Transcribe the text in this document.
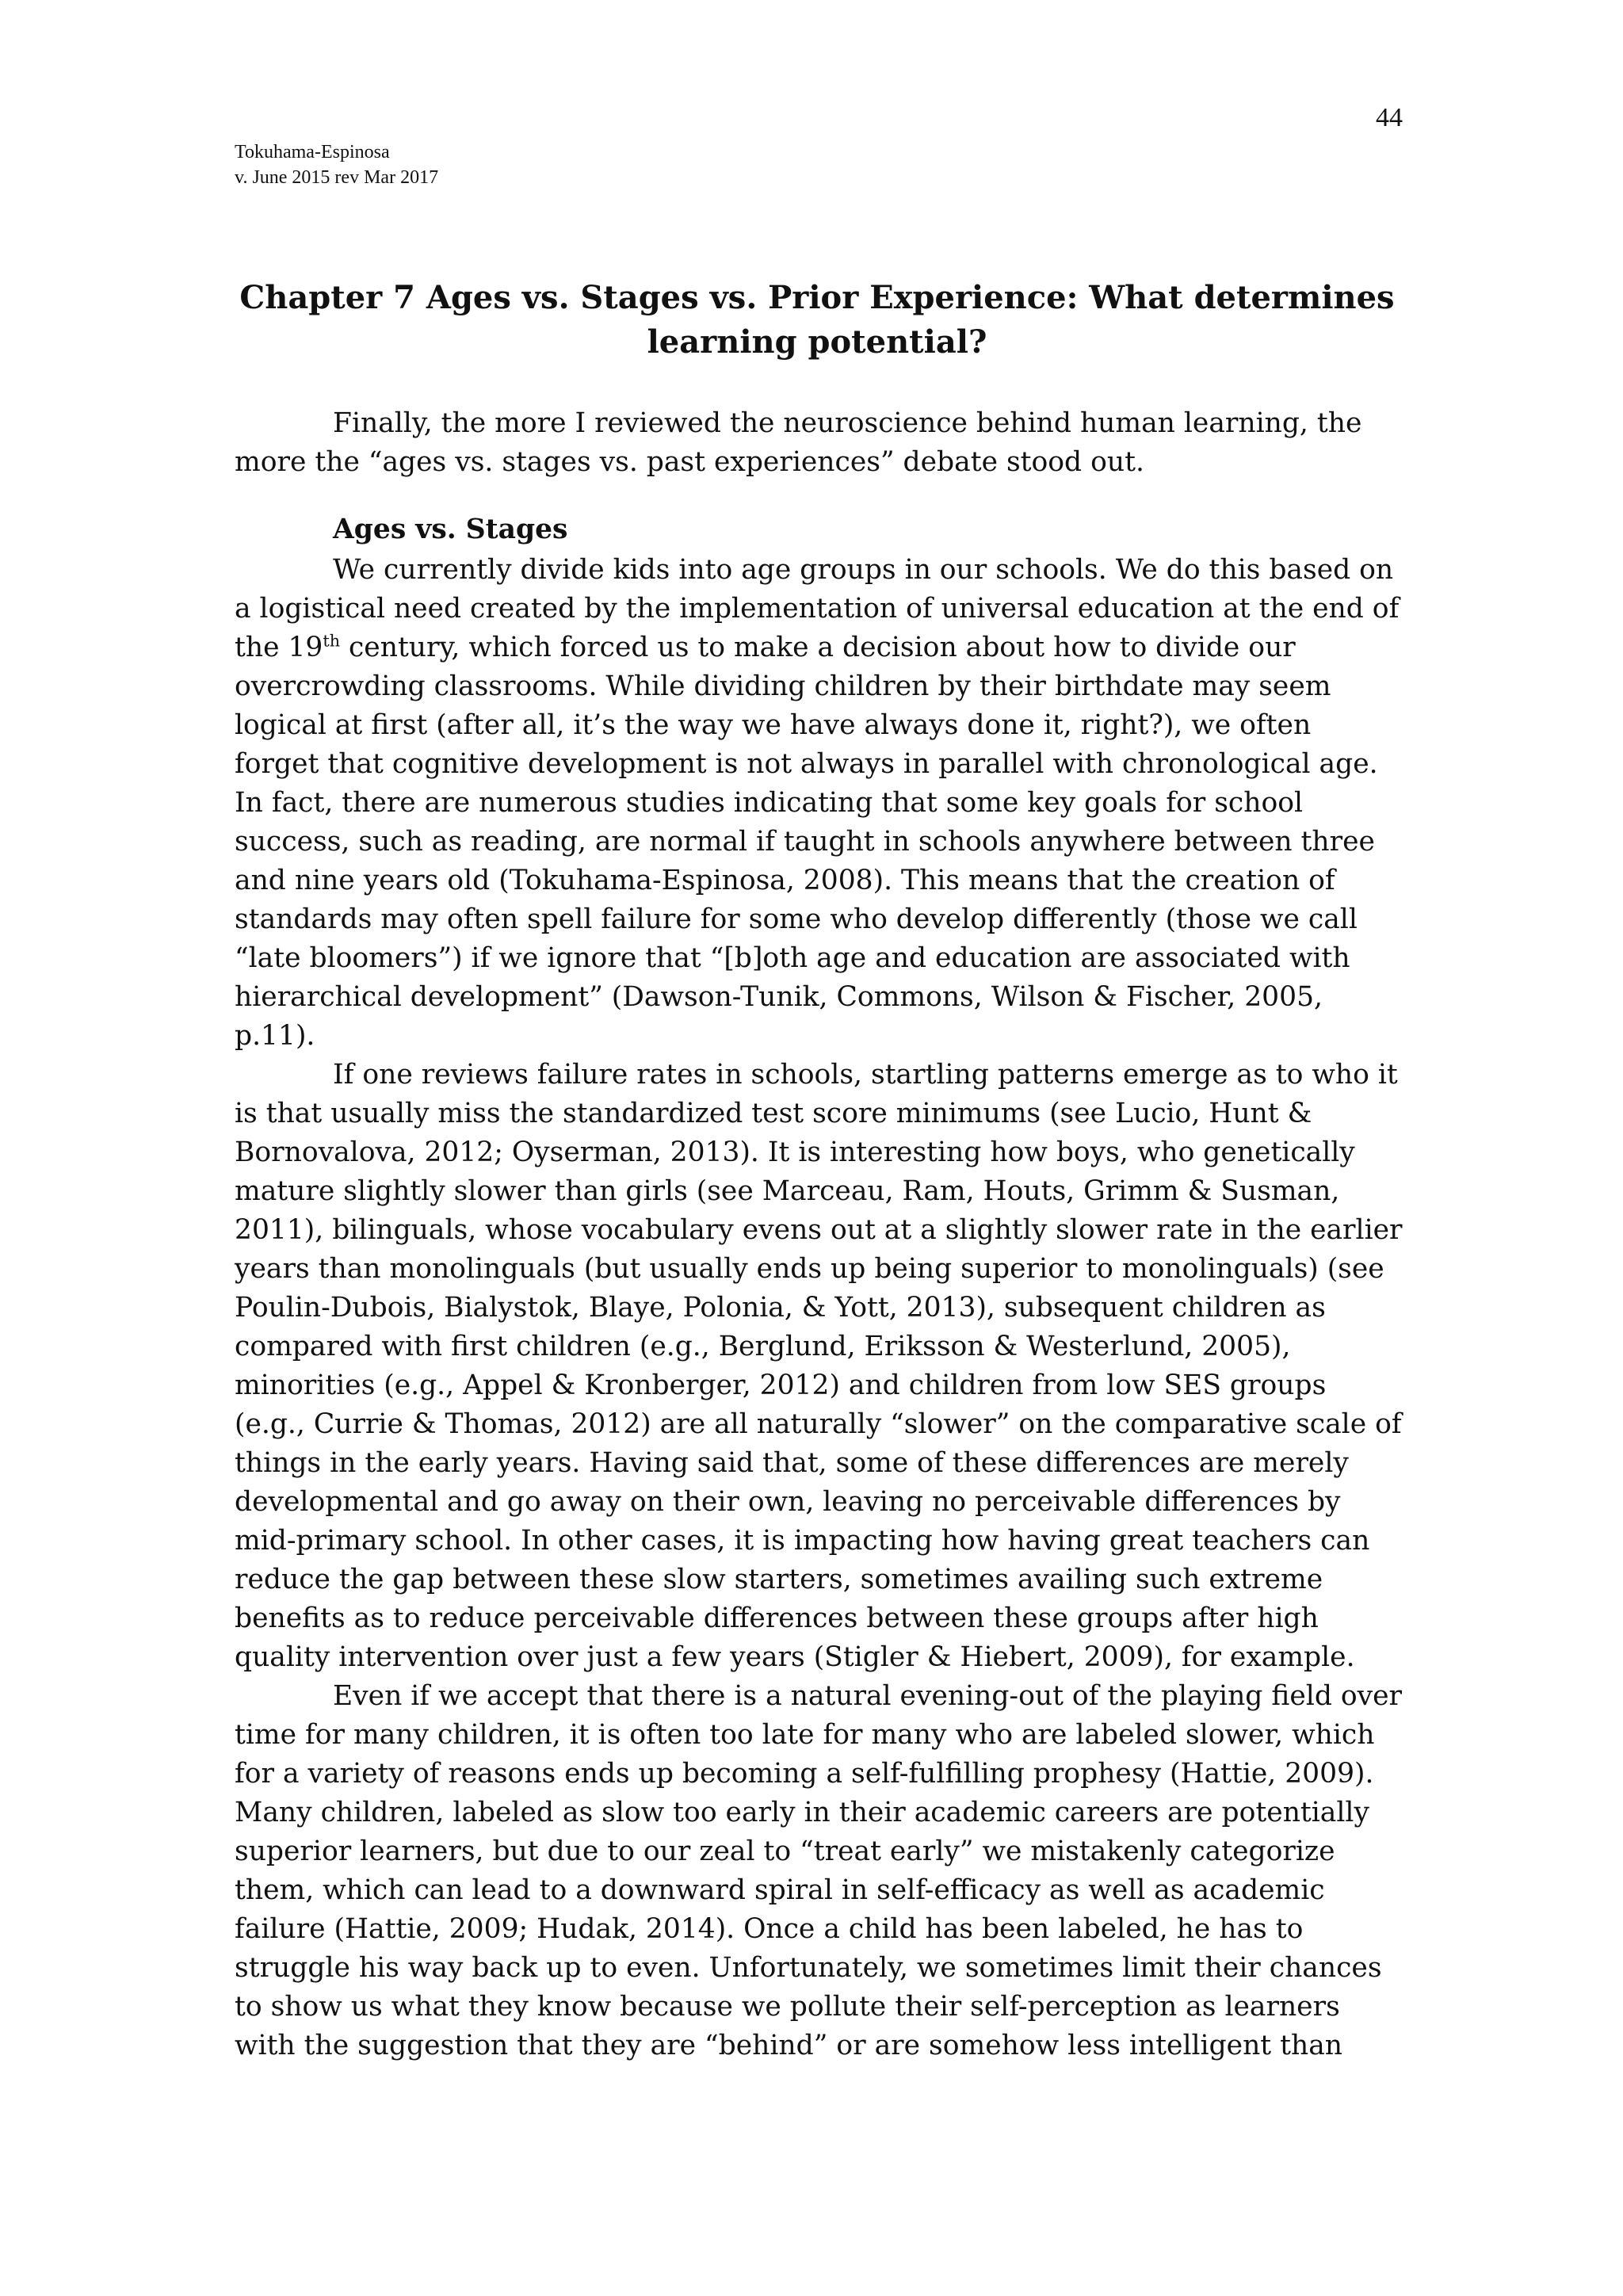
44
Tokuhama-Espinosa
v. June 2015 rev Mar 2017
Chapter 7 Ages vs. Stages vs. Prior Experience: What determines learning potential?

Finally, the more I reviewed the neuroscience behind human learning, the more the “ages vs. stages vs. past experiences” debate stood out.

Ages vs. Stages

We currently divide kids into age groups in our schools. We do this based on a logistical need created by the implementation of universal education at the end of the 19th century, which forced us to make a decision about how to divide our overcrowding classrooms. While dividing children by their birthdate may seem logical at first (after all, it’s the way we have always done it, right?), we often forget that cognitive development is not always in parallel with chronological age. In fact, there are numerous studies indicating that some key goals for school success, such as reading, are normal if taught in schools anywhere between three and nine years old (Tokuhama-Espinosa, 2008). This means that the creation of standards may often spell failure for some who develop differently (those we call “late bloomers”) if we ignore that “[b]oth age and education are associated with hierarchical development” (Dawson-Tunik, Commons, Wilson & Fischer, 2005, p.11).

If one reviews failure rates in schools, startling patterns emerge as to who it is that usually miss the standardized test score minimums (see Lucio, Hunt & Bornovalova, 2012; Oyserman, 2013). It is interesting how boys, who genetically mature slightly slower than girls (see Marceau, Ram, Houts, Grimm & Susman, 2011), bilinguals, whose vocabulary evens out at a slightly slower rate in the earlier years than monolinguals (but usually ends up being superior to monolinguals) (see Poulin-Dubois, Bialystok, Blaye, Polonia, & Yott, 2013), subsequent children as compared with first children (e.g., Berglund, Eriksson & Westerlund, 2005), minorities (e.g., Appel & Kronberger, 2012) and children from low SES groups (e.g., Currie & Thomas, 2012) are all naturally “slower” on the comparative scale of things in the early years. Having said that, some of these differences are merely developmental and go away on their own, leaving no perceivable differences by mid-primary school. In other cases, it is impacting how having great teachers can reduce the gap between these slow starters, sometimes availing such extreme benefits as to reduce perceivable differences between these groups after high quality intervention over just a few years (Stigler & Hiebert, 2009), for example.

Even if we accept that there is a natural evening-out of the playing field over time for many children, it is often too late for many who are labeled slower, which for a variety of reasons ends up becoming a self-fulfilling prophesy (Hattie, 2009). Many children, labeled as slow too early in their academic careers are potentially superior learners, but due to our zeal to “treat early” we mistakenly categorize them, which can lead to a downward spiral in self-efficacy as well as academic failure (Hattie, 2009; Hudak, 2014). Once a child has been labeled, he has to struggle his way back up to even. Unfortunately, we sometimes limit their chances to show us what they know because we pollute their self-perception as learners with the suggestion that they are “behind” or are somehow less intelligent than
